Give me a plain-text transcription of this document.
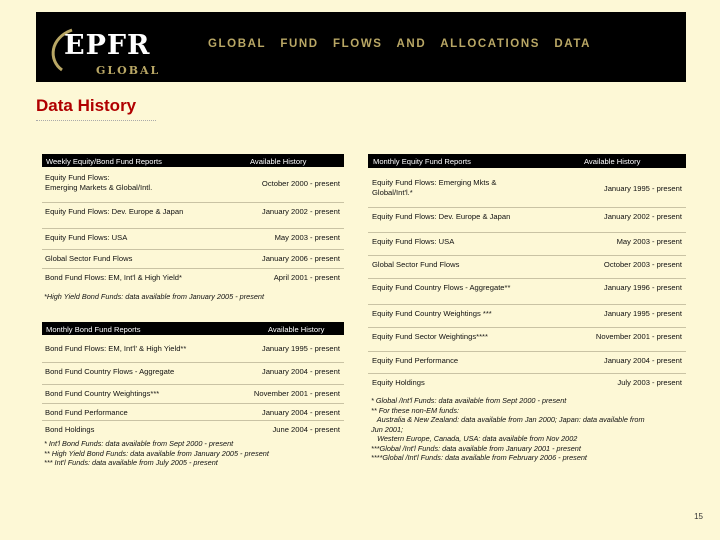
EPFR
GLOBAL
GLOBAL   FUND   FLOWS   AND   ALLOCATIONS   DATA
Data History
Weekly Equity/Bond Fund Reports	Available History
Equity Fund Flows:
Emerging Markets & Global/Intl.	October 2000 - present
Equity Fund Flows: Dev. Europe & Japan	January 2002 - present
Equity Fund Flows: USA	May 2003 - present
Global Sector Fund Flows	January 2006 - present
Bond Fund Flows: EM, Int'l & High Yield*	April 2001 - present
*High Yield Bond Funds: data available from January 2005 - present
Monthly Bond Fund Reports	Available History
Bond Fund Flows: EM, Int'l' & High Yield**	January 1995 - present
Bond Fund Country Flows - Aggregate	January 2004 - present
Bond Fund Country Weightings***	November 2001 - present
Bond Fund Performance	January 2004 - present
Bond Holdings	June 2004 - present
* Int'l Bond Funds: data available from Sept 2000 - present
** High Yield Bond Funds: data available from January 2005 - present
*** Int'l Funds: data available from July 2005 - present
Monthly Equity Fund Reports	Available History
Equity Fund Flows: Emerging Mkts &
Global/Int'l.*	January 1995 - present
Equity Fund Flows: Dev. Europe & Japan	January 2002 - present
Equity Fund Flows: USA	May 2003 - present
Global Sector Fund Flows	October 2003 - present
Equity Fund Country Flows - Aggregate**	January 1996 - present
Equity Fund Country Weightings ***	January 1995 - present
Equity Fund Sector Weightings****	November 2001 - present
Equity Fund Performance	January 2004 - present
Equity Holdings	July 2003 - present
* Global /Int'l Funds: data available from Sept 2000 - present
** For these non-EM funds:
Australia & New Zealand: data available from Jan 2000; Japan: data available from
Jun 2001;
Western Europe, Canada, USA: data available from Nov 2002
***Global /Int'l Funds: data available from January 2001 - present
****Global /Int'l Funds: data available from February 2006 - present
15
